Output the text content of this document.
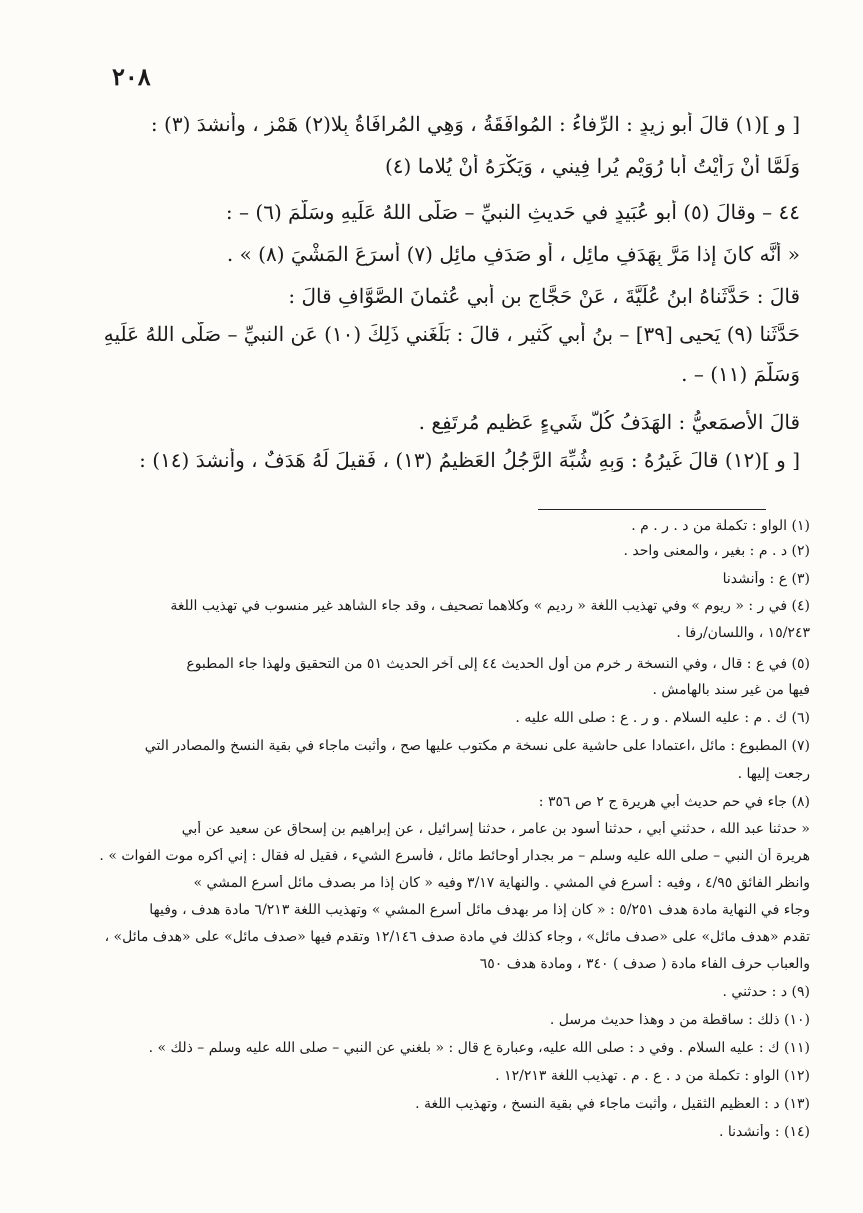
٢٠٨

[ و ](١) قالَ أبو زيدٍ : الرِّفاءُ : المُوافَقَةُ ، وَهِي المُرافَاةُ بِلا(٢) هَمْزٍ ، وأنشدَ (٣) :

وَلَمَّا أَنْ رَأَيْتُ أَبا رُوَيْمٍ يُرا فِيني ، وَيَكْرَهُ أَنْ يُلاما (٤)

٤٤ – وقالَ (٥) أبو عُبَيدٍ في حَديثِ النبيِّ – صَلَّى اللهُ عَلَيهِ وسَلَّمَ (٦) – :

« أنَّه كانَ إذا مَرَّ بِهَدَفٍ مائِلٍ ، أو صَدَفٍ مائِلٍ (٧) أسرَعَ المَشْيَ (٨) » .

قالَ : حَدَّثَناهُ ابنُ عُلَيَّةَ ، عَنْ حَجَّاجِ بنِ أبي عُثمانَ الصَّوَّافِ قالَ :

حَدَّثَنا (٩) يَحيى [٣٩] – بنُ أبي كَثيرٍ ، قالَ : بَلَغَني ذَلِكَ (١٠) عَنِ النبيِّ – صَلَّى اللهُ عَلَيهِ

وَسَلَّمَ (١١) – .

قالَ الأَصمَعيُّ : الهَدَفُ كُلُّ شَيءٍ عَظيمٍ مُرتَفِعٍ .

[ و ](١٢) قالَ غَيرُهُ : وَبِهِ شُبِّهَ الرَّجُلُ العَظيمُ (١٣) ، فَقيلَ لَهُ هَدَفٌ ، وأنشدَ (١٤) :

(١) الواو : تكملة من د . ر . م .

(٢) د . م : بغير ، والمعنى واحد .

(٣) ع : وأنشدنا

(٤) في ر : « ريوم » وفي تهذيب اللغة « رديم » وكلاهما تصحيف ، وقد جاء الشاهد غير منسوب في تهذيب اللغة

١٥/٢٤٣ ، واللسان/رفا .

(٥) في ع : قال ، وفي النسخة ر خرم من أول الحديث ٤٤ إلى آخر الحديث ٥١ من التحقيق ولهذا جاء المطبوع

فيها من غير سند بالهامش .

(٦) ك . م : عليه السلام . و ر . ع : صلى الله عليه .

(٧) المطبوع : مائل ،اعتمادا على حاشية على نسخة م مكتوب عليها صح ، وأثبت ماجاء في بقية النسخ والمصادر التي

رجعت إليها .

(٨) جاء في حم حديث أبي هريرة ج ٢ ص ٣٥٦ :

« حدثنا عبد الله ، حدثني أبي ، حدثنا أسود بن عامر ، حدثنا إسرائيل ، عن إبراهيم بن إسحاق عن سعيد عن أبي

هريرة أن النبي – صلى الله عليه وسلم – مر بجدار أوحائط مائل ، فأسرع الشيء ، فقيل له فقال : إني أكره موت الفوات » .

وانظر الفائق ٤/٩٥ ، وفيه : أسرع في المشي . والنهاية ٣/١٧ وفيه « كان إذا مر بصدف مائل أسرع المشي »

وجاء في النهاية مادة هدف ٥/٢٥١ : « كان إذا مر بهدف مائل أسرع المشي » وتهذيب اللغة ٦/٢١٣ مادة هدف ، وفيها

تقدم «هدف مائل» على «صدف مائل» ، وجاء كذلك في مادة صدف ١٢/١٤٦ وتقدم فيها «صدف مائل» على «هدف مائل» ،

والعباب حرف الفاء مادة ( صدف ) ٣٤٠ ، ومادة هدف ٦٥٠

(٩) د : حدثني .

(١٠) ذلك : ساقطة من د وهذا حديث مرسل .

(١١) ك : عليه السلام . وفي د : صلى الله عليه، وعبارة ع قال : « بلغني عن النبي – صلى الله عليه وسلم – ذلك » .

(١٢) الواو : تكملة من د . ع . م . تهذيب اللغة ١٢/٢١٣ .

(١٣) د : العظيم الثقيل ، وأثبت ماجاء في بقية النسخ ، وتهذيب اللغة .

(١٤) : وأنشدنا .
